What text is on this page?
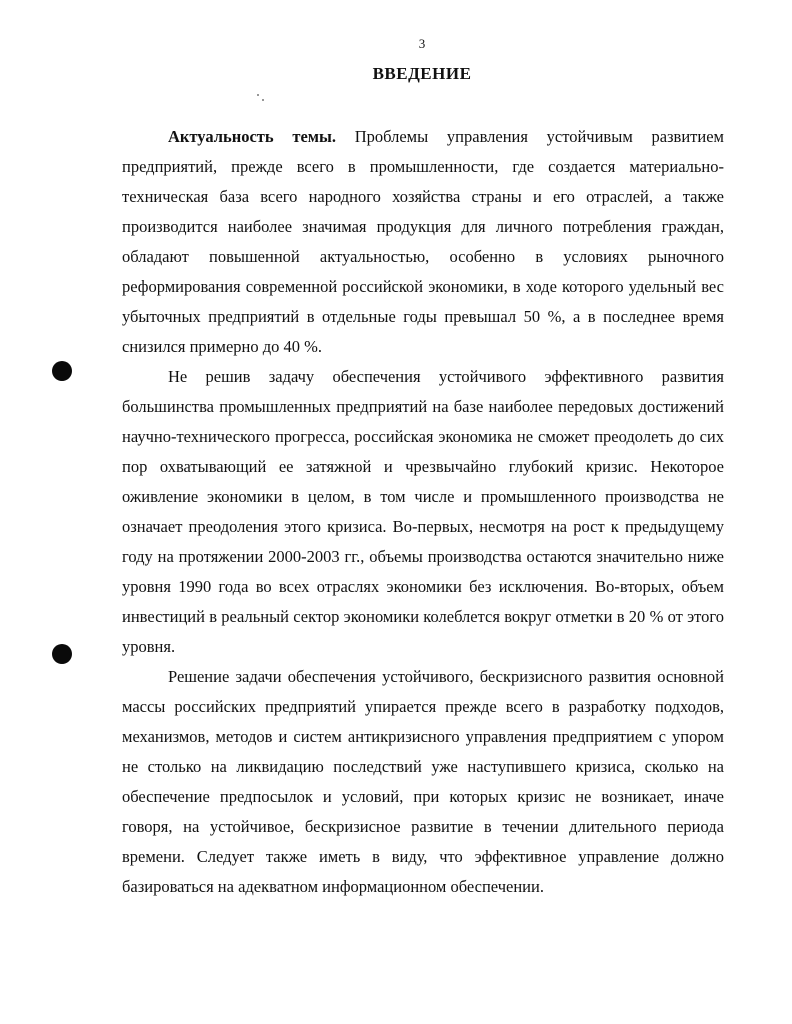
3
ВВЕДЕНИЕ

Актуальность темы. Проблемы управления устойчивым развитием предприятий, прежде всего в промышленности, где создается материально-техническая база всего народного хозяйства страны и его отраслей, а также производится наиболее значимая продукция для личного потребления граждан, обладают повышенной актуальностью, особенно в условиях рыночного реформирования современной российской экономики, в ходе которого удельный вес убыточных предприятий в отдельные годы превышал 50 %, а в последнее время снизился примерно до 40 %.

Не решив задачу обеспечения устойчивого эффективного развития большинства промышленных предприятий на базе наиболее передовых достижений научно-технического прогресса, российская экономика не сможет преодолеть до сих пор охватывающий ее затяжной и чрезвычайно глубокий кризис. Некоторое оживление экономики в целом, в том числе и промышленного производства не означает преодоления этого кризиса. Во-первых, несмотря на рост к предыдущему году на протяжении 2000-2003 гг., объемы производства остаются значительно ниже уровня 1990 года во всех отраслях экономики без исключения. Во-вторых, объем инвестиций в реальный сектор экономики колеблется вокруг отметки в 20 % от этого уровня.

Решение задачи обеспечения устойчивого, бескризисного развития основной массы российских предприятий упирается прежде всего в разработку подходов, механизмов, методов и систем антикризисного управления предприятием с упором не столько на ликвидацию последствий уже наступившего кризиса, сколько на обеспечение предпосылок и условий, при которых кризис не возникает, иначе говоря, на устойчивое, бескризисное развитие в течении длительного периода времени. Следует также иметь в виду, что эффективное управление должно базироваться на адекватном информационном обеспечении.
